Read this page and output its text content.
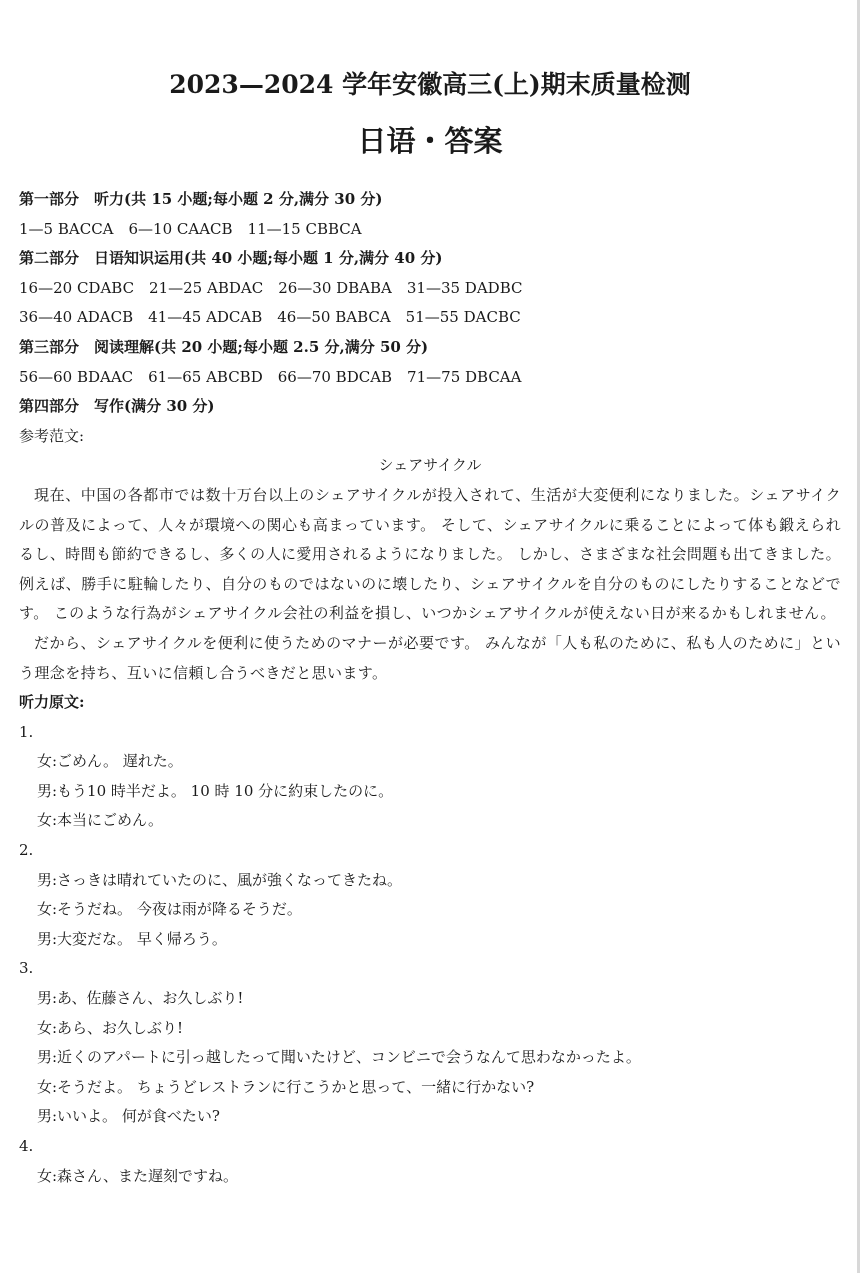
2023—2024 学年安徽高三(上)期末质量检测
日语・答案
第一部分　听力(共 15 小题;每小题 2 分,满分 30 分)
1—5 BACCA　6—10 CAACB　11—15 CBBCA
第二部分　日语知识运用(共 40 小题;每小题 1 分,满分 40 分)
16—20 CDABC　21—25 ABDAC　26—30 DBABA　31—35 DADBC
36—40 ADACB　41—45 ADCAB　46—50 BABCA　51—55 DACBC
第三部分　阅读理解(共 20 小题;每小题 2.5 分,满分 50 分)
56—60 BDAAC　61—65 ABCBD　66—70 BDCAB　71—75 DBCAA
第四部分　写作(满分 30 分)
参考范文:
シェアサイクル
現在、中国の各都市では数十万台以上のシェアサイクルが投入されて、生活が大変便利になりました。シェアサイクルの普及によって、人々が環境への関心も高まっています。 そして、シェアサイクルに乗ることによって体も鍛えられるし、時間も節約できるし、多くの人に愛用されるようになりました。 しかし、さまざまな社会問題も出てきました。 例えば、勝手に駐輪したり、自分のものではないのに壊したり、シェアサイクルを自分のものにしたりすることなどです。 このような行為がシェアサイクル会社の利益を損し、いつかシェアサイクルが使えない日が来るかもしれません。
だから、シェアサイクルを便利に使うためのマナーが必要です。 みんなが「人も私のために、私も人のために」という理念を持ち、互いに信頼し合うべきだと思います。
听力原文:
1.
女:ごめん。 遅れた。
男:もう10 時半だよ。 10 時 10 分に約束したのに。
女:本当にごめん。
2.
男:さっきは晴れていたのに、風が強くなってきたね。
女:そうだね。 今夜は雨が降るそうだ。
男:大変だな。 早く帰ろう。
3.
男:あ、佐藤さん、お久しぶり!
女:あら、お久しぶり!
男:近くのアパートに引っ越したって聞いたけど、コンビニで会うなんて思わなかったよ。
女:そうだよ。 ちょうどレストランに行こうかと思って、一緒に行かない?
男:いいよ。 何が食べたい?
4.
女:森さん、また遅刻ですね。
